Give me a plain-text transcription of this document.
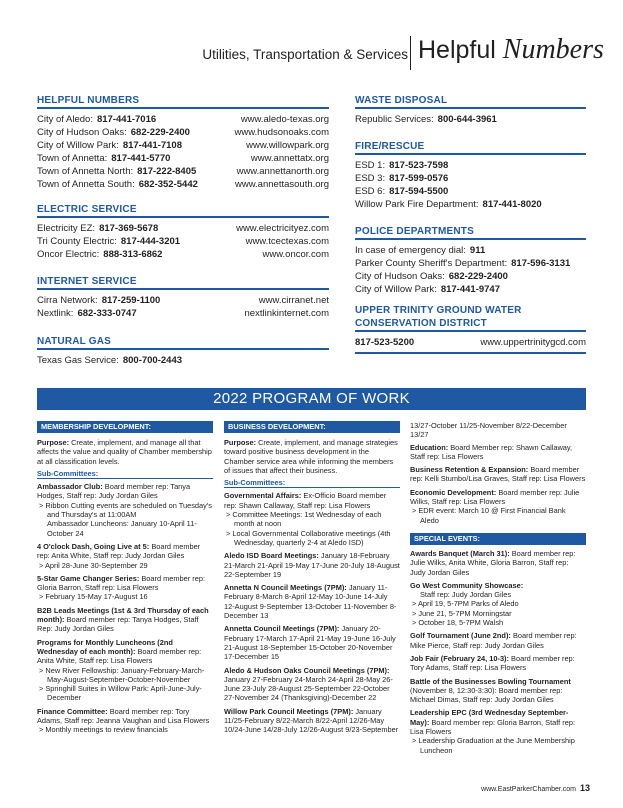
Utilities, Transportation & Services Helpful Numbers
HELPFUL NUMBERS
City of Aledo: 817-441-7016	www.aledo-texas.org
City of Hudson Oaks: 682-229-2400	www.hudsonoaks.com
City of Willow Park: 817-441-7108	www.willowpark.org
Town of Annetta: 817-441-5770	www.annettatx.org
Town of Annetta North: 817-222-8405	www.annettanorth.org
Town of Annetta South: 682-352-5442	www.annettasouth.org
ELECTRIC SERVICE
Electricity EZ: 817-369-5678	www.electricityez.com
Tri County Electric: 817-444-3201	www.tcectexas.com
Oncor Electric: 888-313-6862	www.oncor.com
INTERNET SERVICE
Cirra Network: 817-259-1100	www.cirranet.net
Nextlink: 682-333-0747	nextlinkinternet.com
NATURAL GAS
Texas Gas Service: 800-700-2443
WASTE DISPOSAL
Republic Services: 800-644-3961
FIRE/RESCUE
ESD 1: 817-523-7598
ESD 3: 817-599-0576
ESD 6: 817-594-5500
Willow Park Fire Department: 817-441-8020
POLICE DEPARTMENTS
In case of emergency dial: 911
Parker County Sheriff's Department: 817-596-3131
City of Hudson Oaks: 682-229-2400
City of Willow Park: 817-441-9747
UPPER TRINITY GROUND WATER
CONSERVATION DISTRICT
817-523-5200	www.uppertrinitygcd.com
2022 PROGRAM OF WORK
MEMBERSHIP DEVELOPMENT:

Purpose: Create, implement, and manage all that affects the value and quality of Chamber membership at all classification levels.

Sub-Committees:

Ambassador Club: Board member rep: Tanya Hodges, Staff rep: Judy Jordan Giles

> Ribbon Cutting events are scheduled on Tuesday's and Thursday's at 11:00AM

Ambassador Luncheons: January 10-April 11-October 24

4 O'clock Dash, Going Live at 5: Board member rep: Anita White, Staff rep: Judy Jordan Giles

> April 28-June 30-September 29

5-Star Game Changer Series: Board member rep: Gloria Barron, Staff rep: Lisa Flowers

> February 15-May 17-August 16

B2B Leads Meetings (1st & 3rd Thursday of each month): Board member rep: Tanya Hodges, Staff Rep: Judy Jordan Giles

Programs for Monthly Luncheons (2nd Wednesday of each month): Board member rep: Anita White, Staff rep: Lisa Flowers

> New River Fellowship: January-February-March-May-August-September-October-November

> Springhill Suites in Willow Park: April-June-July-December

Finance Committee: Board member rep: Tory Adams, Staff rep: Jeanna Vaughan and Lisa Flowers

> Monthly meetings to review financials

BUSINESS DEVELOPMENT:

Purpose: Create, implement, and manage strategies toward positive business development in the Chamber service area while informing the members of issues that affect their business.

Sub-Committees:

Governmental Affairs: Ex-Officio Board member rep: Shawn Callaway, Staff rep: Lisa Flowers

> Committee Meetings: 1st Wednesday of each month at noon

> Local Governmental Collaborative meetings (4th Wednesday, quarterly 2-4 at Aledo ISD)

Aledo ISD Board Meetings: January 18-February 21-March 21-April 19-May 17-June 20-July 18-August 22-September 19

Annetta N Council Meetings (7PM): January 11-February 8-March 8-April 12-May 10-June 14-July 12-August 9-September 13-October 11-November 8-December 13

Annetta Council Meetings (7PM): January 20-February 17-March 17-April 21-May 19-June 16-July 21-August 18-September 15-October 20-November 17-December 15

Aledo & Hudson Oaks Council Meetings (7PM): January 27-February 24-March 24-April 28-May 26-June 23-July 28-August 25-September 22-October 27-November 24 (Thanksgiving)-December 22

Willow Park Council Meetings (7PM): January 11/25-February 8/22-March 8/22-April 12/26-May 10/24-June 14/28-July 12/26-August 9/23-September

13/27-October 11/25-November 8/22-December 13/27

Education: Board Member rep: Shawn Callaway, Staff rep: Lisa Flowers

Business Retention & Expansion: Board member rep: Kelli Stumbo/Lisa Graves, Staff rep: Lisa Flowers

Economic Development: Board member rep: Julie Wilks, Staff rep: Lisa Flowers

> EDR event: March 10 @ First Financial Bank Aledo

SPECIAL EVENTS:

Awards Banquet (March 31): Board member rep: Julie Wilks, Anita White, Gloria Barron, Staff rep: Judy Jordan Giles

Go West Community Showcase:

Staff rep: Judy Jordan Giles

> April 19, 5-7PM Parks of Aledo

> June 21, 5-7PM Morningstar

> October 18, 5-7PM Walsh

Golf Tournament (June 2nd): Board member rep: Mike Pierce, Staff rep: Judy Jordan Giles

Job Fair (February 24, 10-3): Board member rep: Tory Adams, Staff rep: Lisa Flowers

Battle of the Businesses Bowling Tournament (November 8, 12:30-3:30): Board member rep: Michael Dimas, Staff rep: Judy Jordan Giles

Leadership EPC (3rd Wednesday September-May): Board member rep: Gloria Barron, Staff rep: Lisa Flowers

> Leadership Graduation at the June Membership Luncheon

www.EastParkerChamber.com 13
